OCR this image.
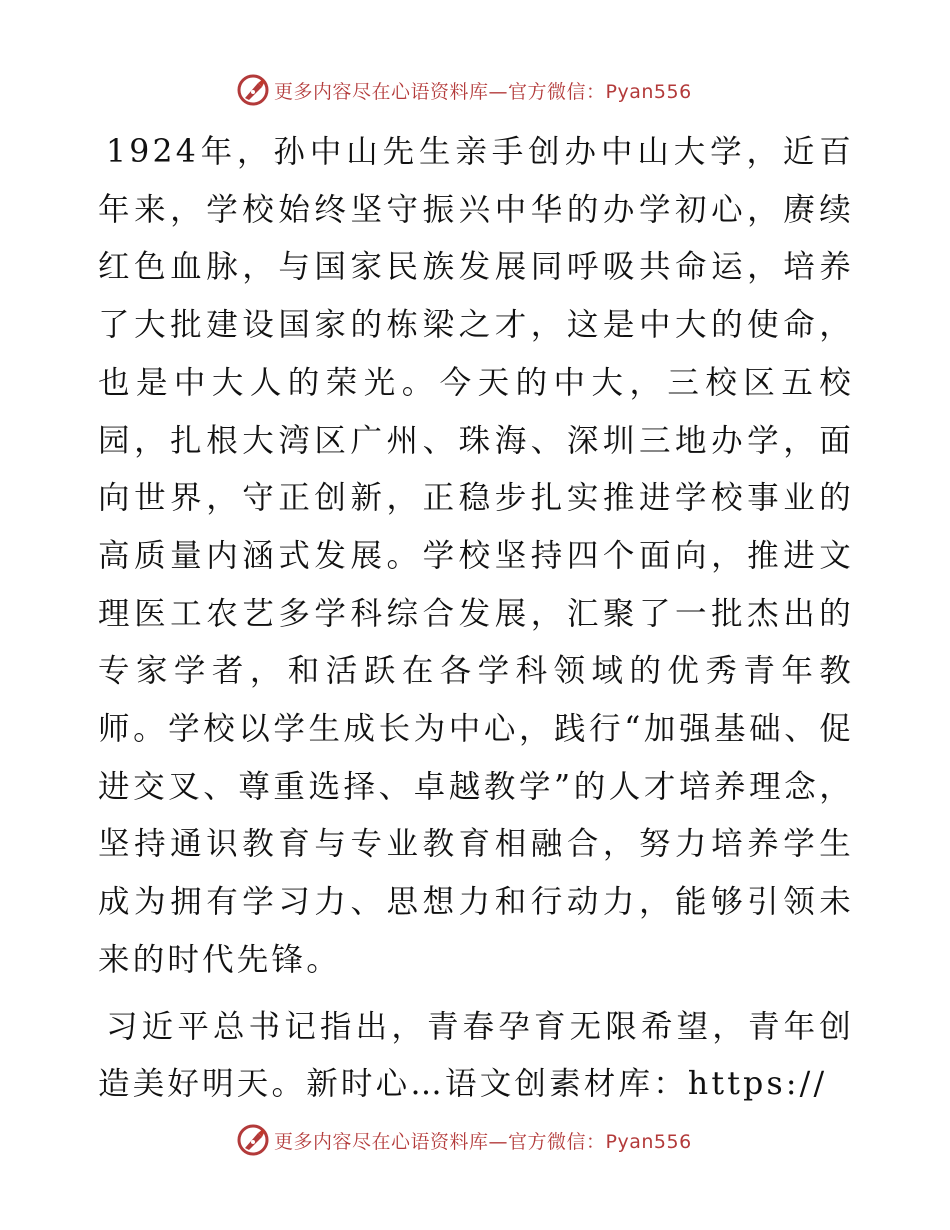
更多内容尽在心语资料库—官方微信：Pyan556

1924年，孙中山先生亲手创办中山大学，近百年来，学校始终坚守振兴中华的办学初心，赓续红色血脉，与国家民族发展同呼吸共命运，培养了大批建设国家的栋梁之才，这是中大的使命，也是中大人的荣光。今天的中大，三校区五校园，扎根大湾区广州、珠海、深圳三地办学，面向世界，守正创新，正稳步扎实推进学校事业的高质量内涵式发展。学校坚持四个面向，推进文理医工农艺多学科综合发展，汇聚了一批杰出的专家学者，和活跃在各学科领域的优秀青年教师。学校以学生成长为中心，践行“加强基础、促进交叉、尊重选择、卓越教学”的人才培养理念，坚持通识教育与专业教育相融合，努力培养学生成为拥有学习力、思想力和行动力，能够引领未来的时代先锋。

习近平总书记指出，青春孕育无限希望，青年创造美好明天。新时心…语文创素材库：https://

更多内容尽在心语资料库—官方微信：Pyan556
